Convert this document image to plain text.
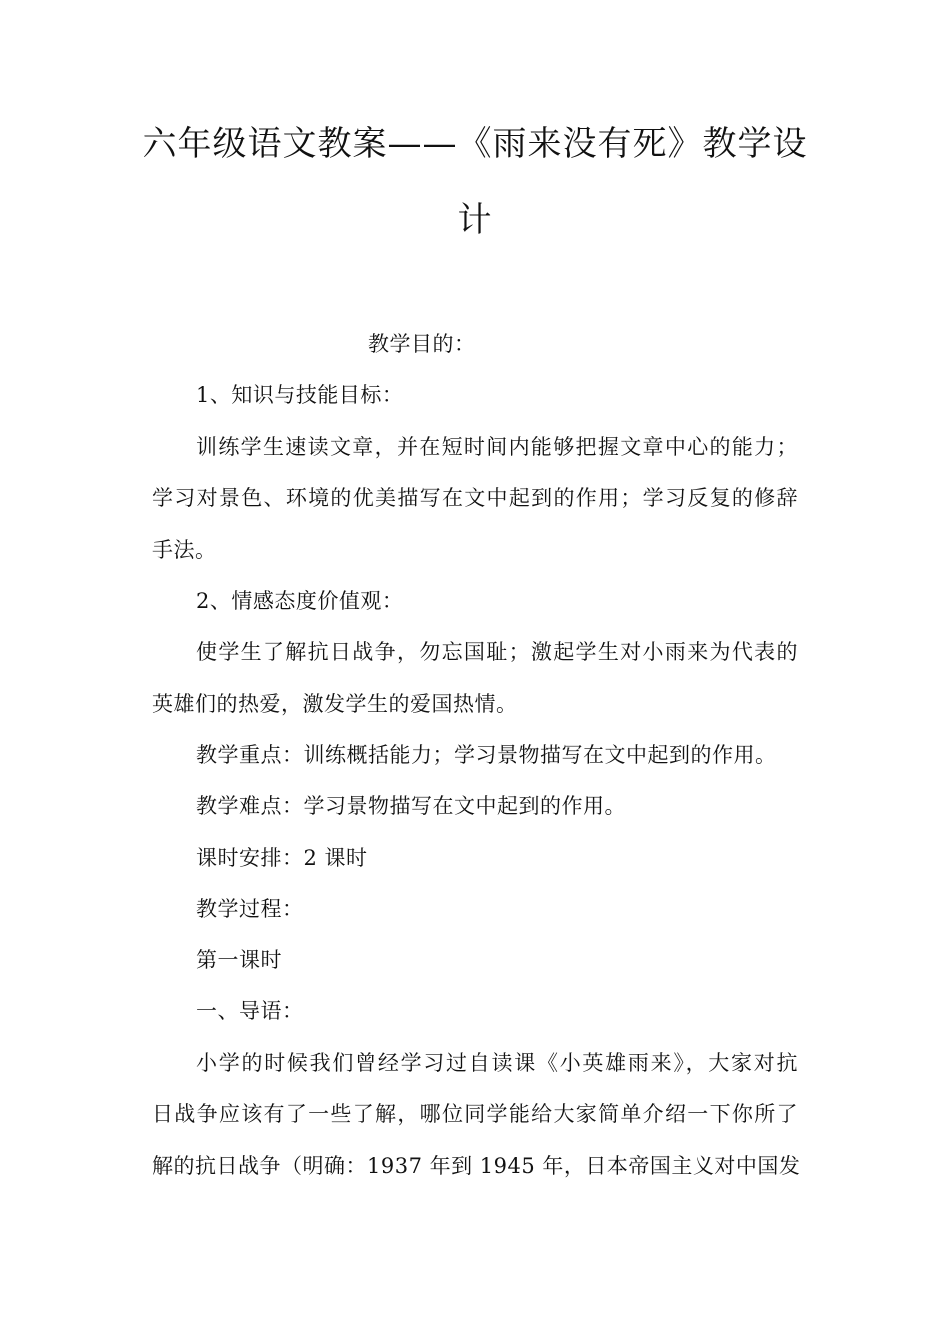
六年级语文教案——《雨来没有死》教学设
计
教学目的：
1、知识与技能目标：
训练学生速读文章，并在短时间内能够把握文章中心的能力；
学习对景色、环境的优美描写在文中起到的作用；学习反复的修辞
手法。
2、情感态度价值观：
使学生了解抗日战争，勿忘国耻；激起学生对小雨来为代表的
英雄们的热爱，激发学生的爱国热情。
教学重点：训练概括能力；学习景物描写在文中起到的作用。
教学难点：学习景物描写在文中起到的作用。
课时安排：2 课时
教学过程：
第一课时
一、导语：
小学的时候我们曾经学习过自读课《小英雄雨来》，大家对抗
日战争应该有了一些了解，哪位同学能给大家简单介绍一下你所了
解的抗日战争（明确：1937 年到 1945 年，日本帝国主义对中国发
